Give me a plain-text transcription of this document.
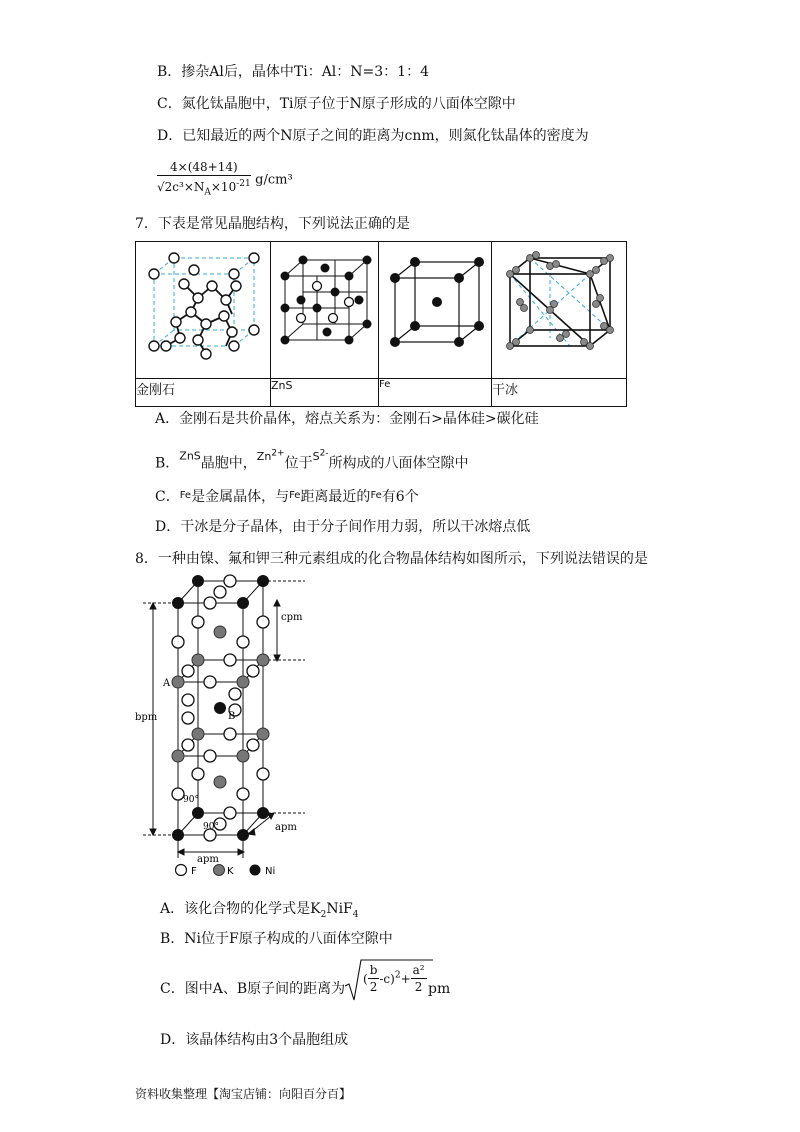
B．掺杂Al后，晶体中Ti：Al：N=3：1：4
C．氮化钛晶胞中，Ti原子位于N原子形成的八面体空隙中
D．已知最近的两个N原子之间的距离为cnm，则氮化钛晶体的密度为
$\frac{4\times(48+14)}{√2c^3\times N_A\times 10^{-21}} g/cm^3$
7．下表是常见晶胞结构，下列说法正确的是

金刚石	ZnS	Fe	干冰
A．金刚石是共价晶体，熔点关系为：金刚石>晶体硅>碳化硅
B．$^{ZnS}$晶胞中，$^{Zn^{2+}}$位于$^{S^{2-}}$所构成的八面体空隙中
C．$^{Fe}$是金属晶体，与$^{Fe}$距离最近的$^{Fe}$有6个
D．干冰是分子晶体，由于分子间作用力弱，所以干冰熔点低
8．一种由镍、氟和钾三种元素组成的化合物晶体结构如图所示，下列说法错误的是
cpm
bpm
apm
apm
A
B
90°
90°
F	K	Ni
A．该化合物的化学式是$K_2NiF_4$
B．Ni位于F原子构成的八面体空隙中
C．图中A、B原子间的距离为
( $\frac{b}{2} -c)^2+ \frac{\text{a²}}{2}$ pm
D．该晶体结构由3个晶胞组成
资料收集整理【淘宝店铺：向阳百分百】
